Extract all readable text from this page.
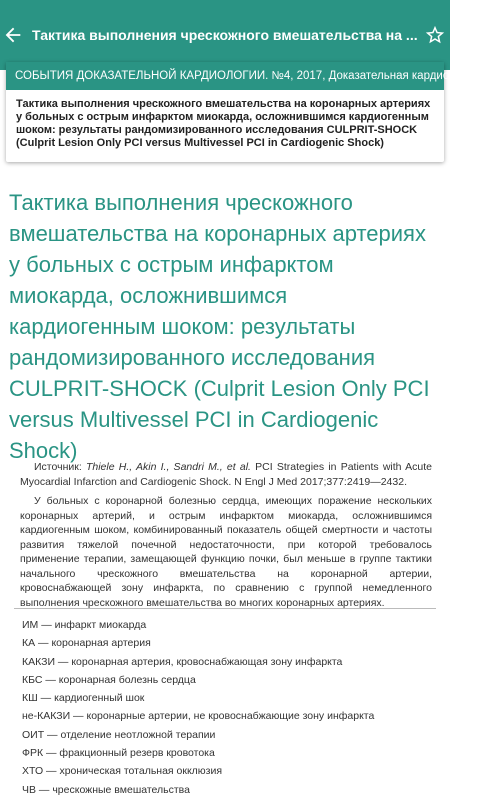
Тактика выполнения чрескожного вмешательства на ...
СОБЫТИЯ ДОКАЗАТЕЛЬНОЙ КАРДИОЛОГИИ. №4, 2017, Доказательная кардиология
Тактика выполнения чрескожного вмешательства на коронарных артериях у больных с острым инфарктом миокарда, осложнившимся кардиогенным шоком: результаты рандомизированного исследования CULPRIT-SHOCK (Culprit Lesion Only PCI versus Multivessel PCI in Cardiogenic Shock)
Тактика выполнения чрескожного вмешательства на коронарных артериях у больных с острым инфарктом миокарда, осложнившимся кардиогенным шоком: результаты рандомизированного исследования CULPRIT-SHOCK (Culprit Lesion Only PCI versus Multivessel PCI in Cardiogenic Shock)
Источник: Thiele H., Akin I., Sandri M., et al. PCI Strategies in Patients with Acute Myocardial Infarction and Cardiogenic Shock. N Engl J Med 2017;377:2419—2432.
У больных с коронарной болезнью сердца, имеющих поражение нескольких коронарных артерий, и острым инфарктом миокарда, осложнившимся кардиогенным шоком, комбинированный показатель общей смертности и частоты развития тяжелой почечной недостаточности, при которой требовалось применение терапии, замещающей функцию почки, был меньше в группе тактики начального чрескожного вмешательства на коронарной артерии, кровоснабжающей зону инфаркта, по сравнению с группой немедленного выполнения чрескожного вмешательства во многих коронарных артериях.
ИМ — инфаркт миокарда
КА — коронарная артерия
КАКЗИ — коронарная артерия, кровоснабжающая зону инфаркта
КБС — коронарная болезнь сердца
КШ — кардиогенный шок
не-КАКЗИ — коронарные артерии, не кровоснабжающие зону инфаркта
ОИТ — отделение неотложной терапии
ФРК — фракционный резерв кровотока
ХТО — хроническая тотальная окклюзия
ЧВ — чрескожные вмешательства
